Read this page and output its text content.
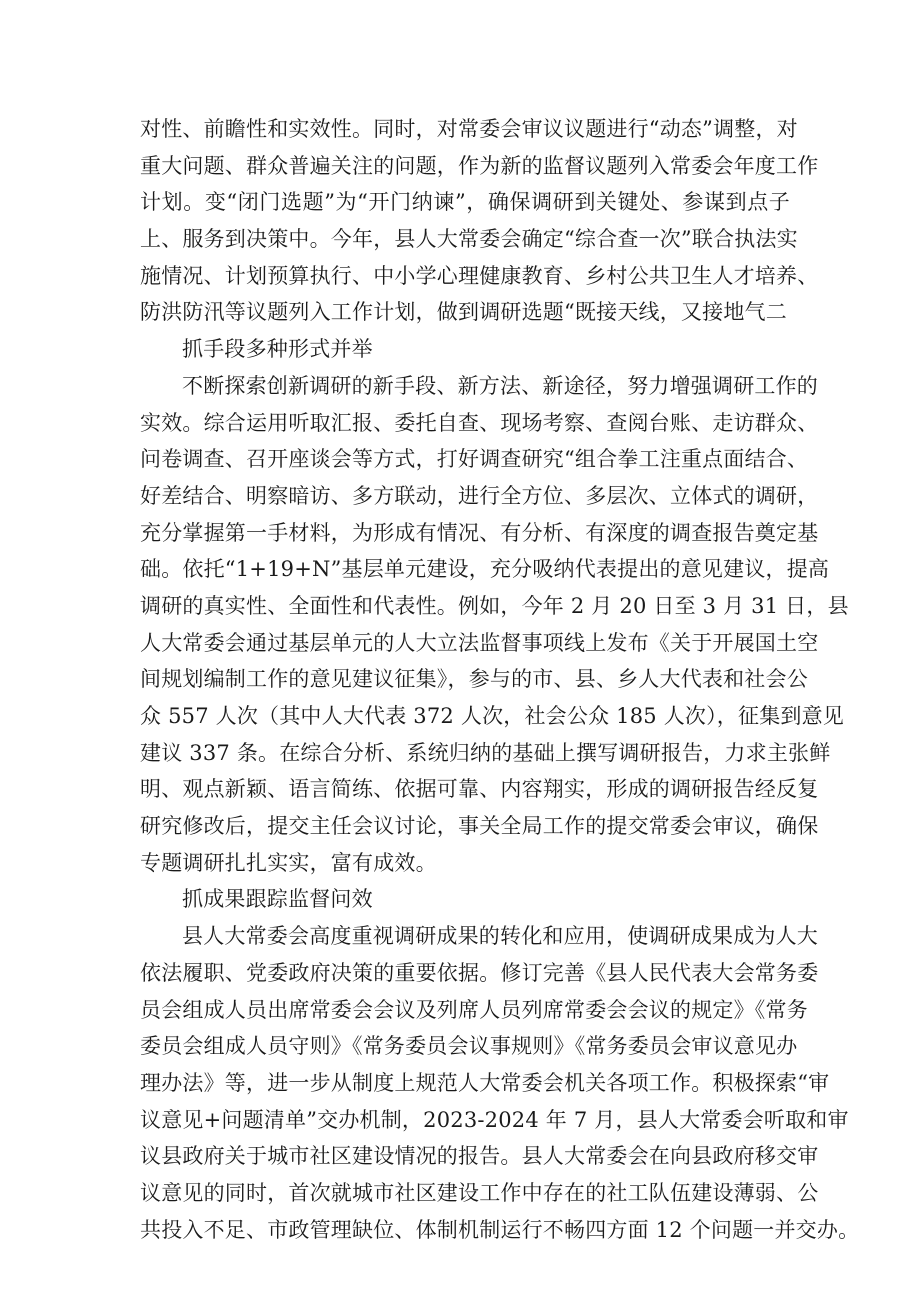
对性、前瞻性和实效性。同时，对常委会审议议题进行“动态”调整，对
重大问题、群众普遍关注的问题，作为新的监督议题列入常委会年度工作
计划。变“闭门选题”为“开门纳谏”，确保调研到关键处、参谋到点子
上、服务到决策中。今年，县人大常委会确定“综合查一次”联合执法实
施情况、计划预算执行、中小学心理健康教育、乡村公共卫生人才培养、
防洪防汛等议题列入工作计划，做到调研选题“既接天线，又接地气二
抓手段多种形式并举
不断探索创新调研的新手段、新方法、新途径，努力增强调研工作的
实效。综合运用听取汇报、委托自查、现场考察、查阅台账、走访群众、
问卷调查、召开座谈会等方式，打好调查研究“组合拳工注重点面结合、
好差结合、明察暗访、多方联动，进行全方位、多层次、立体式的调研，
充分掌握第一手材料，为形成有情况、有分析、有深度的调查报告奠定基
础。依托“1+19+N”基层单元建设，充分吸纳代表提出的意见建议，提高
调研的真实性、全面性和代表性。例如，今年 2 月 20 日至 3 月 31 日，县
人大常委会通过基层单元的人大立法监督事项线上发布《关于开展国土空
间规划编制工作的意见建议征集》，参与的市、县、乡人大代表和社会公
众 557 人次（其中人大代表 372 人次，社会公众 185 人次），征集到意见
建议 337 条。在综合分析、系统归纳的基础上撰写调研报告，力求主张鲜
明、观点新颖、语言简练、依据可靠、内容翔实，形成的调研报告经反复
研究修改后，提交主任会议讨论，事关全局工作的提交常委会审议，确保
专题调研扎扎实实，富有成效。
抓成果跟踪监督问效
县人大常委会高度重视调研成果的转化和应用，使调研成果成为人大
依法履职、党委政府决策的重要依据。修订完善《县人民代表大会常务委
员会组成人员出席常委会会议及列席人员列席常委会会议的规定》《常务
委员会组成人员守则》《常务委员会议事规则》《常务委员会审议意见办
理办法》等，进一步从制度上规范人大常委会机关各项工作。积极探索“审
议意见+问题清单”交办机制，2023-2024 年 7 月，县人大常委会听取和审
议县政府关于城市社区建设情况的报告。县人大常委会在向县政府移交审
议意见的同时，首次就城市社区建设工作中存在的社工队伍建设薄弱、公
共投入不足、市政管理缺位、体制机制运行不畅四方面 12 个问题一并交办。
